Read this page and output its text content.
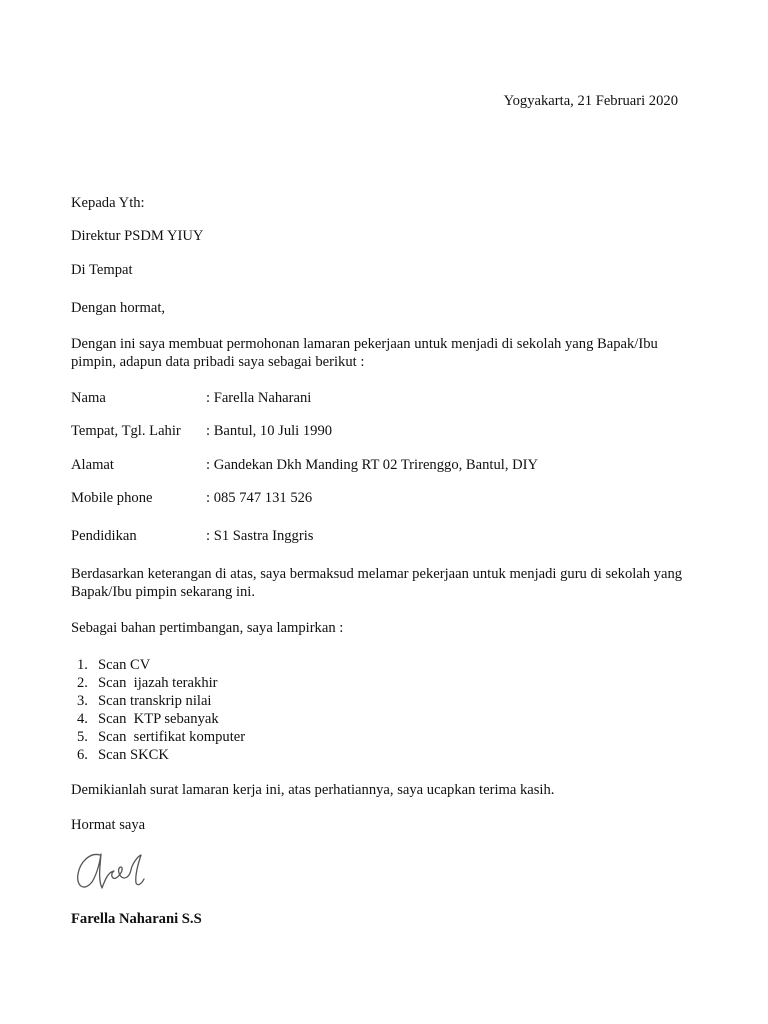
Yogyakarta, 21 Februari 2020
Kepada Yth:
Direktur PSDM YIUY
Di Tempat
Dengan hormat,
Dengan ini saya membuat permohonan lamaran pekerjaan untuk menjadi di sekolah yang Bapak/Ibu pimpin, adapun data pribadi saya sebagai berikut :
Nama	: Farella Naharani
Tempat, Tgl. Lahir : Bantul, 10 Juli 1990
Alamat	: Gandekan Dkh Manding RT 02 Trirenggo, Bantul, DIY
Mobile phone	: 085 747 131 526
Pendidikan	: S1 Sastra Inggris
Berdasarkan keterangan di atas, saya bermaksud melamar pekerjaan untuk menjadi guru di sekolah yang Bapak/Ibu pimpin sekarang ini.
Sebagai bahan pertimbangan, saya lampirkan :
1. Scan CV
2. Scan  ijazah terakhir
3. Scan transkrip nilai
4. Scan  KTP sebanyak
5. Scan  sertifikat komputer
6. Scan SKCK
Demikianlah surat lamaran kerja ini, atas perhatiannya, saya ucapkan terima kasih.
Hormat saya
Farella Naharani S.S
